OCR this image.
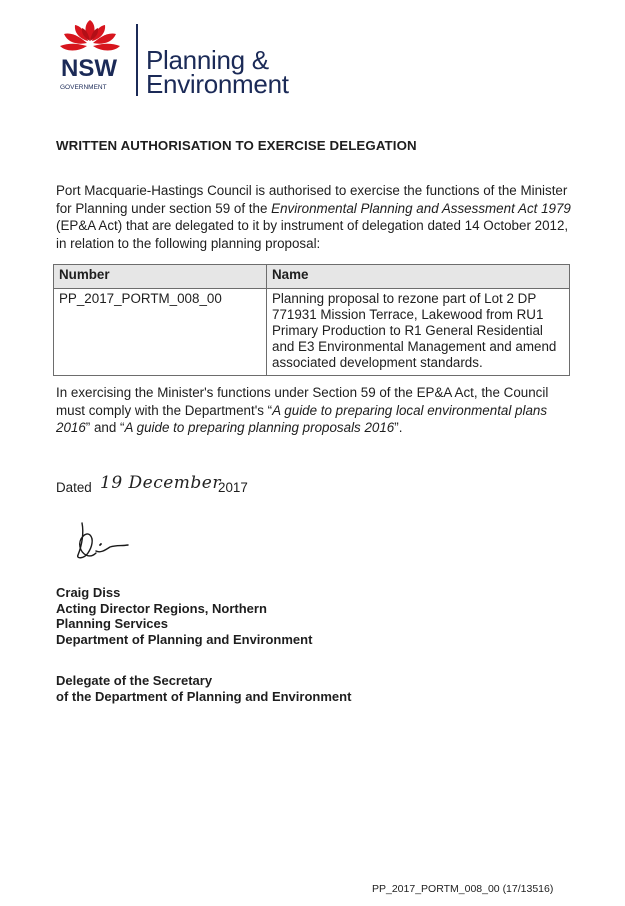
NSW
GOVERNMENT
Planning &
Environment
WRITTEN AUTHORISATION TO EXERCISE DELEGATION
Port Macquarie-Hastings Council is authorised to exercise the functions of the Minister for Planning under section 59 of the Environmental Planning and Assessment Act 1979 (EP&A Act) that are delegated to it by instrument of delegation dated 14 October 2012, in relation to the following planning proposal:
Number	Name
PP_2017_PORTM_008_00	Planning proposal to rezone part of Lot 2 DP 771931 Mission Terrace, Lakewood from RU1 Primary Production to R1 General Residential and E3 Environmental Management and amend associated development standards.
In exercising the Minister's functions under Section 59 of the EP&A Act, the Council must comply with the Department's “A guide to preparing local environmental plans 2016” and “A guide to preparing planning proposals 2016”.
Dated 19 December
2017
Craig Diss
Acting Director Regions, Northern
Planning Services
Department of Planning and Environment
Delegate of the Secretary
of the Department of Planning and Environment
PP_2017_PORTM_008_00 (17/13516)
